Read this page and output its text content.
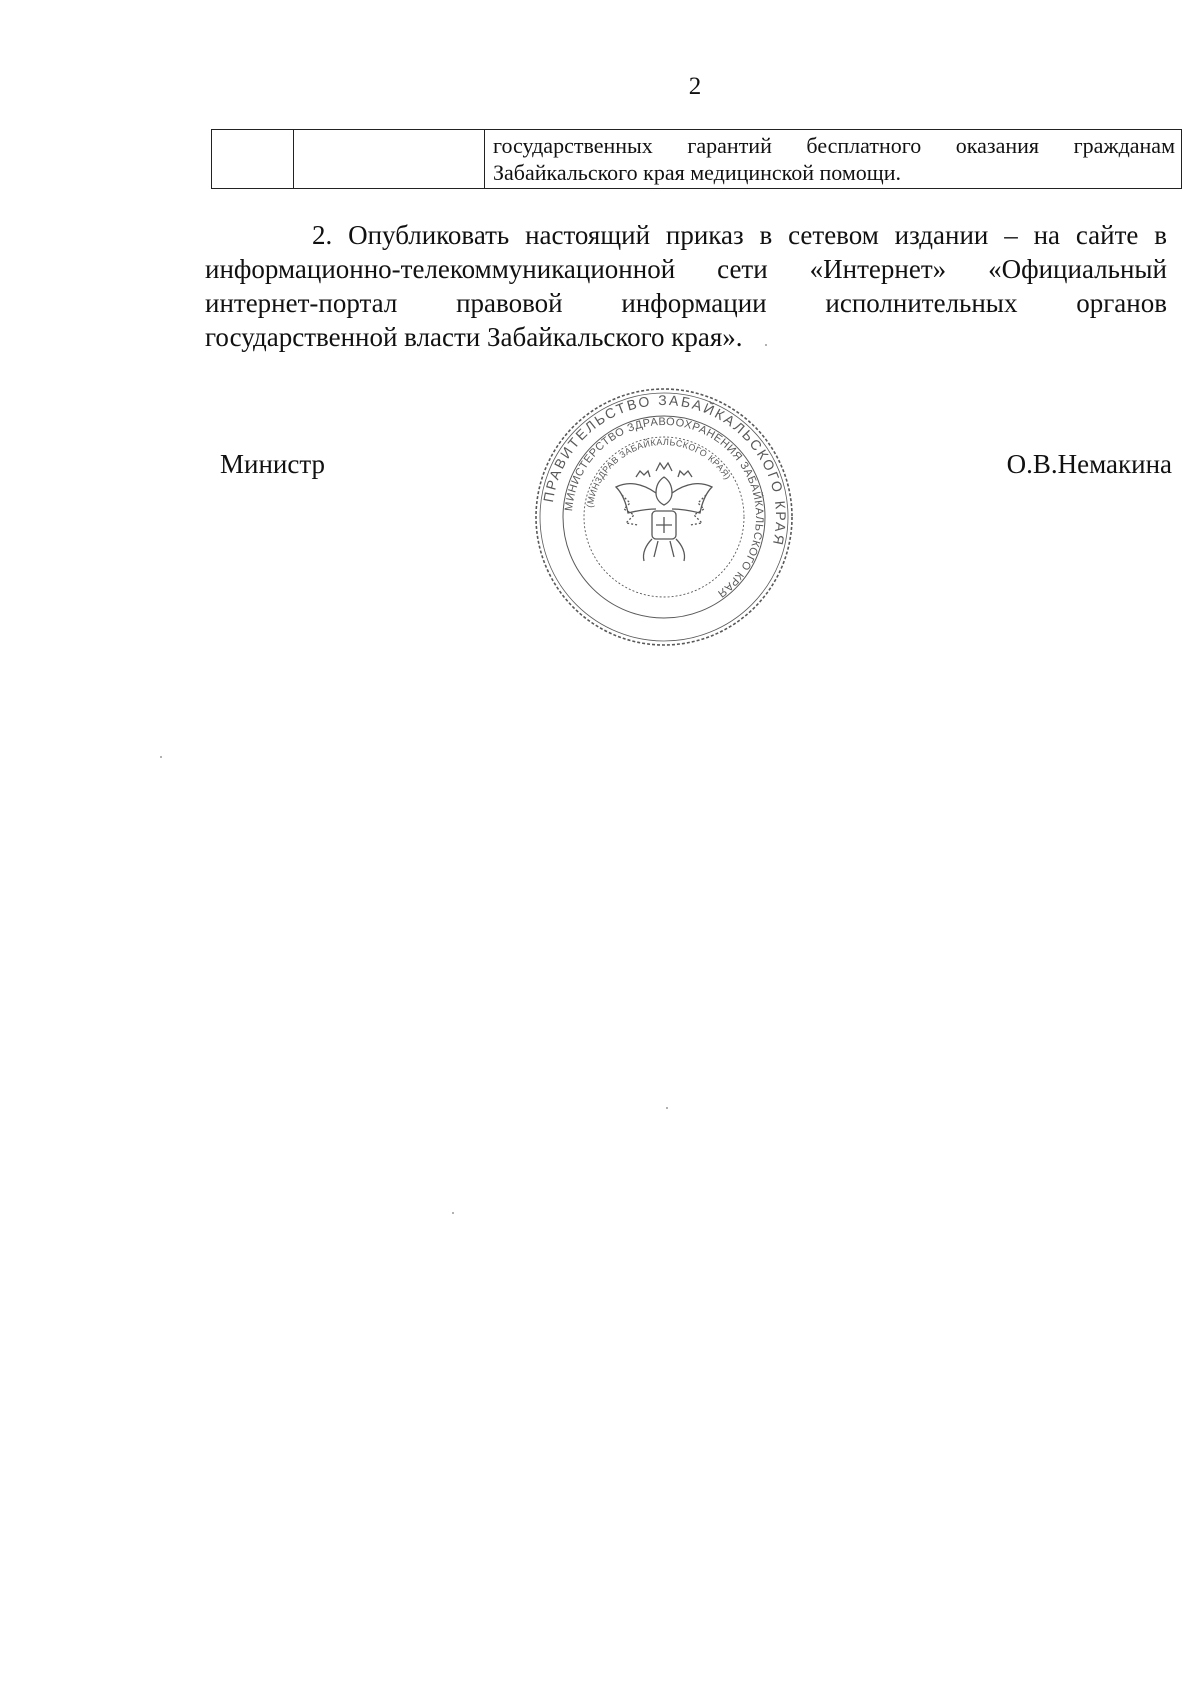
2

государственных гарантий бесплатного оказания гражданам
Забайкальского края медицинской помощи.
2. Опубликовать настоящий приказ в сетевом издании – на сайте в
информационно-телекоммуникационной сети «Интернет» «Официальный
интернет-портал правовой информации исполнительных органов
государственной власти Забайкальского края».
Министр	О.В.Немакина
ПРАВИТЕЛЬСТВО ЗАБАЙКАЛЬСКОГО КРАЯ
МИНИСТЕРСТВО ЗДРАВООХРАНЕНИЯ ЗАБАЙКАЛЬСКОГО КРАЯ
(МИНЗДРАВ ЗАБАЙКАЛЬСКОГО КРАЯ)
